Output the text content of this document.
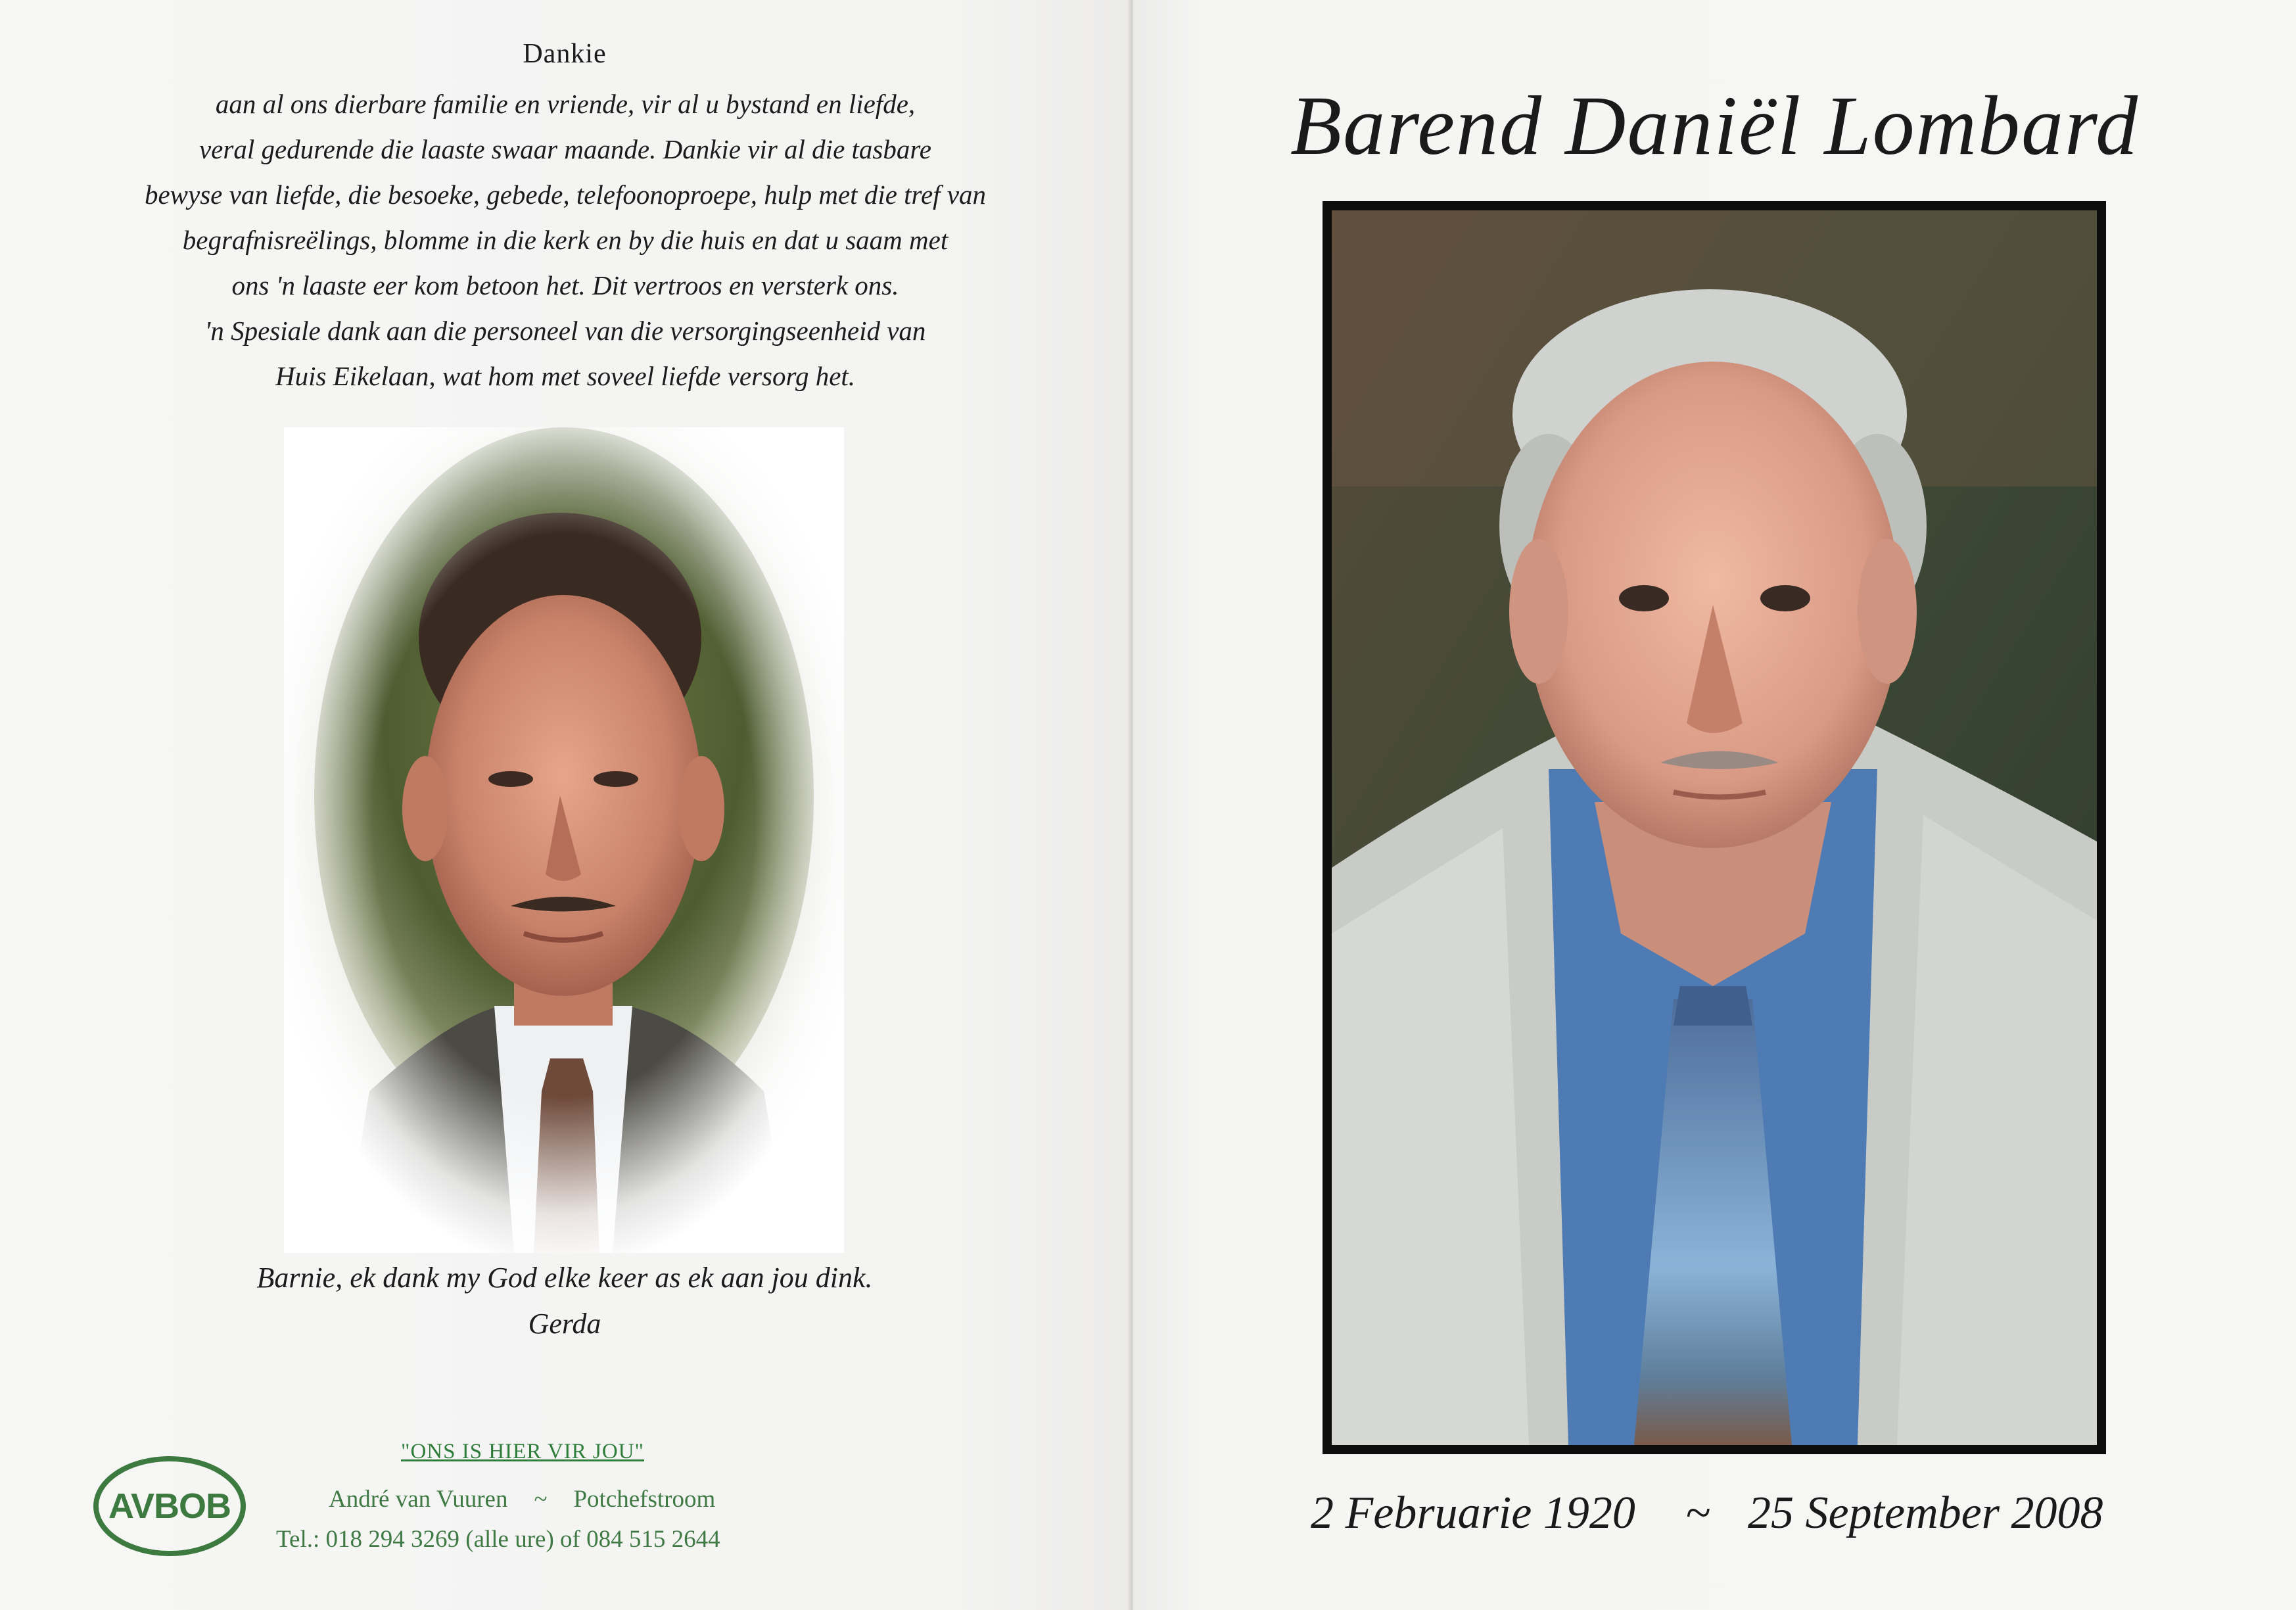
Dankie
aan al ons dierbare familie en vriende, vir al u bystand en liefde,
veral gedurende die laaste swaar maande. Dankie vir al die tasbare
bewyse van liefde, die besoeke, gebede, telefoonoproepe, hulp met die tref van
begrafnisreëlings, blomme in die kerk en by die huis en dat u saam met
ons 'n laaste eer kom betoon het. Dit vertroos en versterk ons.
'n Spesiale dank aan die personeel van die versorgingseenheid van
Huis Eikelaan, wat hom met soveel liefde versorg het.
Barnie, ek dank my God elke keer as ek aan jou dink.
Gerda
AVBOB
"ONS IS HIER VIR JOU"
André van Vuuren ~ Potchefstroom
Tel.: 018 294 3269 (alle ure) of 084 515 2644
Barend Daniël Lombard
2 Februarie 1920 ~ 25 September 2008
